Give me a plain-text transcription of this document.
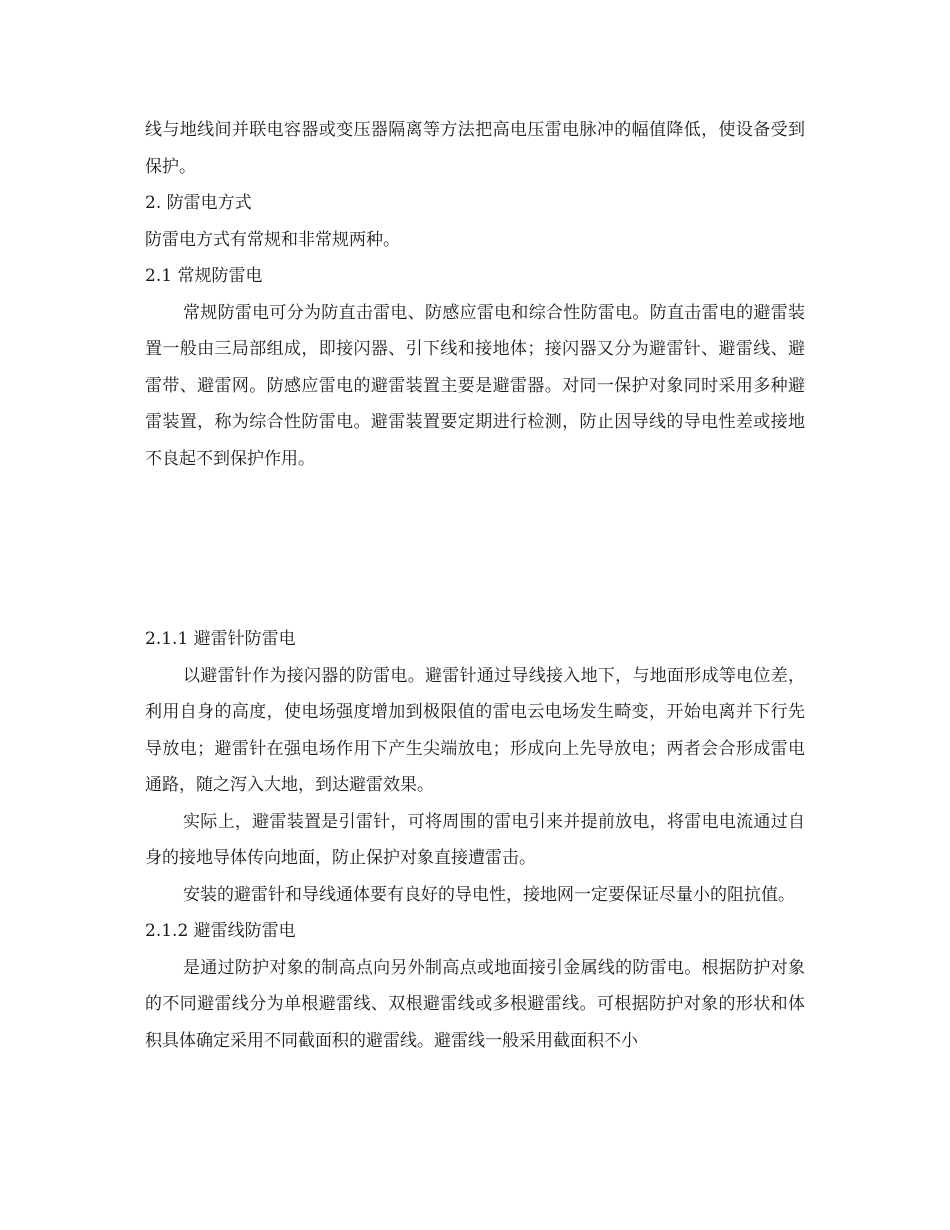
线与地线间并联电容器或变压器隔离等方法把高电压雷电脉冲的幅值降低，使设备受到保护。

2. 防雷电方式

防雷电方式有常规和非常规两种。

2.1 常规防雷电

常规防雷电可分为防直击雷电、防感应雷电和综合性防雷电。防直击雷电的避雷装置一般由三局部组成，即接闪器、引下线和接地体；接闪器又分为避雷针、避雷线、避雷带、避雷网。防感应雷电的避雷装置主要是避雷器。对同一保护对象同时采用多种避雷装置，称为综合性防雷电。避雷装置要定期进行检测，防止因导线的导电性差或接地不良起不到保护作用。

2.1.1 避雷针防雷电

以避雷针作为接闪器的防雷电。避雷针通过导线接入地下，与地面形成等电位差，利用自身的高度，使电场强度增加到极限值的雷电云电场发生畸变，开始电离并下行先导放电；避雷针在强电场作用下产生尖端放电；形成向上先导放电；两者会合形成雷电通路，随之泻入大地，到达避雷效果。

实际上，避雷装置是引雷针，可将周围的雷电引来并提前放电，将雷电电流通过自身的接地导体传向地面，防止保护对象直接遭雷击。

安装的避雷针和导线通体要有良好的导电性，接地网一定要保证尽量小的阻抗值。

2.1.2 避雷线防雷电

是通过防护对象的制高点向另外制高点或地面接引金属线的防雷电。根据防护对象的不同避雷线分为单根避雷线、双根避雷线或多根避雷线。可根据防护对象的形状和体积具体确定采用不同截面积的避雷线。避雷线一般采用截面积不小
